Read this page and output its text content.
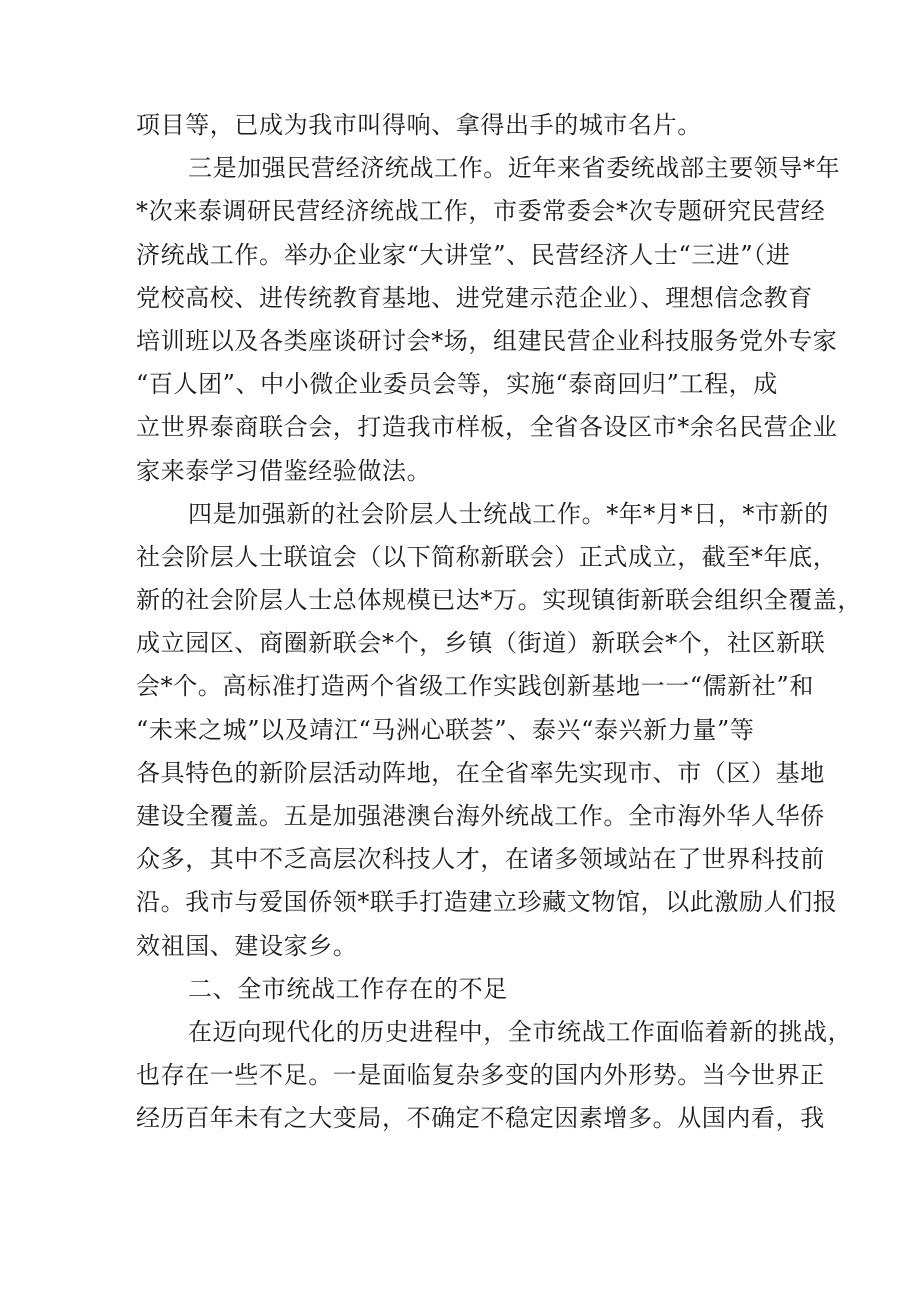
项目等，已成为我市叫得响、拿得出手的城市名片。
三是加强民营经济统战工作。近年来省委统战部主要领导*年
*次来泰调研民营经济统战工作，市委常委会*次专题研究民营经
济统战工作。举办企业家“大讲堂”、民营经济人士“三进”（进
党校高校、进传统教育基地、进党建示范企业）、理想信念教育
培训班以及各类座谈研讨会*场，组建民营企业科技服务党外专家
“百人团”、中小微企业委员会等，实施“泰商回归”工程，成
立世界泰商联合会，打造我市样板，全省各设区市*余名民营企业
家来泰学习借鉴经验做法。
四是加强新的社会阶层人士统战工作。*年*月*日，*市新的
社会阶层人士联谊会（以下简称新联会）正式成立，截至*年底，
新的社会阶层人士总体规模已达*万。实现镇街新联会组织全覆盖，
成立园区、商圈新联会*个，乡镇（街道）新联会*个，社区新联
会*个。高标准打造两个省级工作实践创新基地一一“儒新社”和
“未来之城”以及靖江“马洲心联荟”、泰兴“泰兴新力量”等
各具特色的新阶层活动阵地，在全省率先实现市、市（区）基地
建设全覆盖。五是加强港澳台海外统战工作。全市海外华人华侨
众多，其中不乏高层次科技人才，在诸多领域站在了世界科技前
沿。我市与爱国侨领*联手打造建立珍藏文物馆，以此激励人们报
效祖国、建设家乡。
二、全市统战工作存在的不足
在迈向现代化的历史进程中，全市统战工作面临着新的挑战，
也存在一些不足。一是面临复杂多变的国内外形势。当今世界正
经历百年未有之大变局，不确定不稳定因素增多。从国内看，我
